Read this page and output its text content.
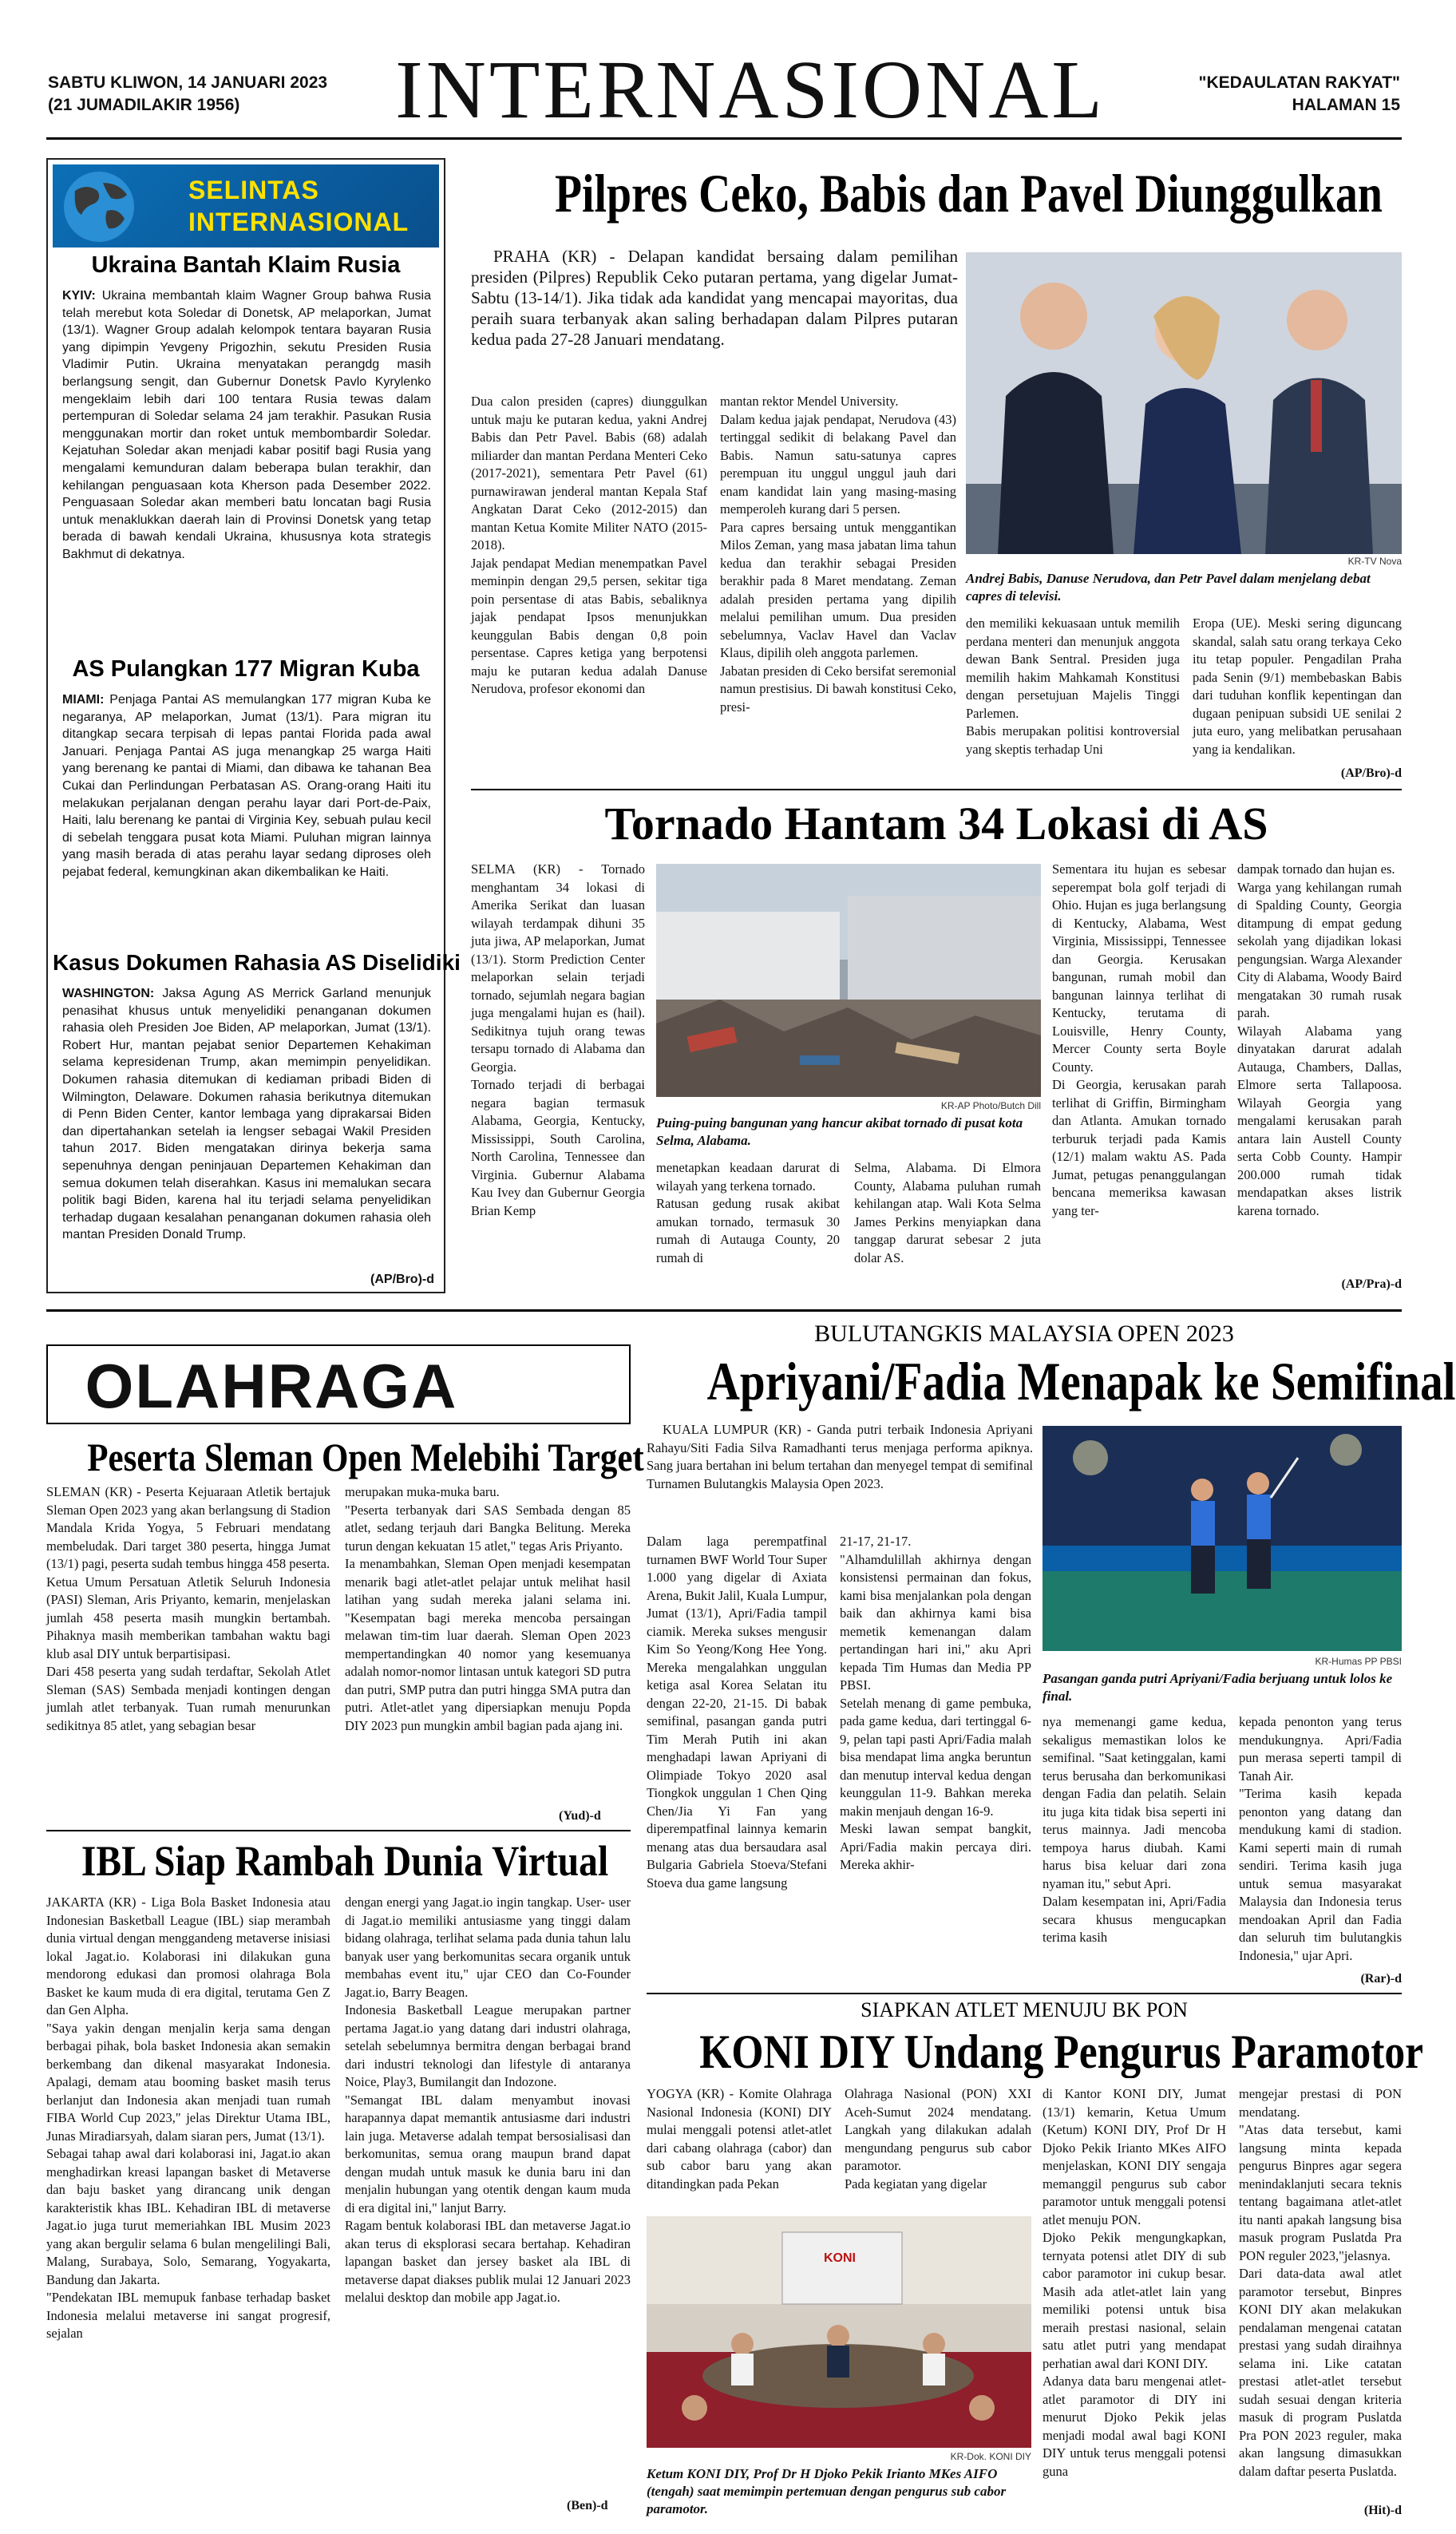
SABTU KLIWON, 14 JANUARI 2023
(21 JUMADILAKIR 1956) INTERNASIONAL	"KEDAULATAN RAKYAT"
HALAMAN 15
SELINTAS
INTERNASIONAL
Ukraina Bantah Klaim Rusia
KYIV: Ukraina membantah klaim Wagner Group bahwa Rusia telah merebut kota Soledar di Donetsk, AP melaporkan, Jumat (13/1). Wagner Group adalah kelompok tentara bayaran Rusia yang dipimpin Yevgeny Prigozhin, sekutu Presiden Rusia Vladimir Putin. Ukraina menyatakan perangdg masih berlangsung sengit, dan Gubernur Donetsk Pavlo Kyrylenko mengeklaim lebih dari 100 tentara Rusia tewas dalam pertempuran di Soledar selama 24 jam terakhir. Pasukan Rusia menggunakan mortir dan roket untuk membombardir Soledar. Kejatuhan Soledar akan menjadi kabar positif bagi Rusia yang mengalami kemunduran dalam beberapa bulan terakhir, dan kehilangan penguasaan kota Kherson pada Desember 2022. Penguasaan Soledar akan memberi batu loncatan bagi Rusia untuk menaklukkan daerah lain di Provinsi Donetsk yang tetap berada di bawah kendali Ukraina, khususnya kota strategis Bakhmut di dekatnya.
AS Pulangkan 177 Migran Kuba
MIAMI: Penjaga Pantai AS memulangkan 177 migran Kuba ke negaranya, AP melaporkan, Jumat (13/1). Para migran itu ditangkap secara terpisah di lepas pantai Florida pada awal Januari. Penjaga Pantai AS juga menangkap 25 warga Haiti yang berenang ke pantai di Miami, dan dibawa ke tahanan Bea Cukai dan Perlindungan Perbatasan AS. Orang-orang Haiti itu melakukan perjalanan dengan perahu layar dari Port-de-Paix, Haiti, lalu berenang ke pantai di Virginia Key, sebuah pulau kecil di sebelah tenggara pusat kota Miami. Puluhan migran lainnya yang masih berada di atas perahu layar sedang diproses oleh pejabat federal, kemungkinan akan dikembalikan ke Haiti.
Kasus Dokumen Rahasia AS Diselidiki
WASHINGTON: Jaksa Agung AS Merrick Garland menunjuk penasihat khusus untuk menyelidiki penanganan dokumen rahasia oleh Presiden Joe Biden, AP melaporkan, Jumat (13/1). Robert Hur, mantan pejabat senior Departemen Kehakiman selama kepresidenan Trump, akan memimpin penyelidikan. Dokumen rahasia ditemukan di kediaman pribadi Biden di Wilmington, Delaware. Dokumen rahasia berikutnya ditemukan di Penn Biden Center, kantor lembaga yang diprakarsai Biden dan dipertahankan setelah ia lengser sebagai Wakil Presiden tahun 2017. Biden mengatakan dirinya bekerja sama sepenuhnya dengan peninjauan Departemen Kehakiman dan semua dokumen telah diserahkan. Kasus ini memalukan secara politik bagi Biden, karena hal itu terjadi selama penyelidikan terhadap dugaan kesalahan penanganan dokumen rahasia oleh mantan Presiden Donald Trump.
(AP/Bro)-d
Pilpres Ceko, Babis dan Pavel Diunggulkan
PRAHA (KR) - Delapan kandidat bersaing dalam pemilihan presiden (Pilpres) Republik Ceko putaran pertama, yang digelar Jumat-Sabtu (13-14/1). Jika tidak ada kandidat yang mencapai mayoritas, dua peraih suara terbanyak akan saling berhadapan dalam Pilpres putaran kedua pada 27-28 Januari mendatang.
Dua calon presiden (capres) diunggulkan untuk maju ke putaran kedua, yakni Andrej Babis dan Petr Pavel. Babis (68) adalah miliarder dan mantan Perdana Menteri Ceko (2017-2021), sementara Petr Pavel (61) purnawirawan jenderal mantan Kepala Staf Angkatan Darat Ceko (2012-2015) dan mantan Ketua Komite Militer NATO (2015-2018).
Jajak pendapat Median menempatkan Pavel meminpin dengan 29,5 persen, sekitar tiga poin persentase di atas Babis, sebaliknya jajak pendapat Ipsos menunjukkan keunggulan Babis dengan 0,8 poin persentase. Capres ketiga yang berpotensi maju ke putaran kedua adalah Danuse Nerudova, profesor ekonomi dan
mantan rektor Mendel University.
Dalam kedua jajak pendapat, Nerudova (43) tertinggal sedikit di belakang Pavel dan Babis. Namun satu-satunya capres perempuan itu unggul unggul jauh dari enam kandidat lain yang masing-masing memperoleh kurang dari 5 persen.
Para capres bersaing untuk menggantikan Milos Zeman, yang masa jabatan lima tahun kedua dan terakhir sebagai Presiden berakhir pada 8 Maret mendatang. Zeman adalah presiden pertama yang dipilih melalui pemilihan umum. Dua presiden sebelumnya, Vaclav Havel dan Vaclav Klaus, dipilih oleh anggota parlemen.
Jabatan presiden di Ceko bersifat seremonial namun prestisius. Di bawah konstitusi Ceko, presi-
KR-TV Nova
Andrej Babis, Danuse Nerudova, dan Petr Pavel dalam menjelang debat capres di televisi.
den memiliki kekuasaan untuk memilih perdana menteri dan menunjuk anggota dewan Bank Sentral. Presiden juga memilih hakim Mahkamah Konstitusi dengan persetujuan Majelis Tinggi Parlemen.
Babis merupakan politisi kontroversial yang skeptis terhadap Uni
Eropa (UE). Meski sering diguncang skandal, salah satu orang terkaya Ceko itu tetap populer. Pengadilan Praha pada Senin (9/1) membebaskan Babis dari tuduhan konflik kepentingan dan dugaan penipuan subsidi UE senilai 2 juta euro, yang melibatkan perusahaan yang ia kendalikan.
(AP/Bro)-d
Tornado Hantam 34 Lokasi di AS
SELMA (KR) - Tornado menghantam 34 lokasi di Amerika Serikat dan luasan wilayah terdampak dihuni 35 juta jiwa, AP melaporkan, Jumat (13/1). Storm Prediction Center melaporkan selain terjadi tornado, sejumlah negara bagian juga mengalami hujan es (hail). Sedikitnya tujuh orang tewas tersapu tornado di Alabama dan Georgia.
Tornado terjadi di berbagai negara bagian termasuk Alabama, Georgia, Kentucky, Mississippi, South Carolina, North Carolina, Tennessee dan Virginia. Gubernur Alabama Kau Ivey dan Gubernur Georgia Brian Kemp
KR-AP Photo/Butch Dill
Puing-puing bangunan yang hancur akibat tornado di pusat kota Selma, Alabama.
menetapkan keadaan darurat di wilayah yang terkena tornado.
Ratusan gedung rusak akibat amukan tornado, termasuk 30 rumah di Autauga County, 20 rumah di
Selma, Alabama. Di Elmora County, Alabama puluhan rumah kehilangan atap. Wali Kota Selma James Perkins menyiapkan dana tanggap darurat sebesar 2 juta dolar AS.
Sementara itu hujan es sebesar seperempat bola golf terjadi di Ohio. Hujan es juga berlangsung di Kentucky, Alabama, West Virginia, Mississippi, Tennessee dan Georgia. Kerusakan bangunan, rumah mobil dan bangunan lainnya terlihat di Kentucky, terutama di Louisville, Henry County, Mercer County serta Boyle County.
Di Georgia, kerusakan parah terlihat di Griffin, Birmingham dan Atlanta. Amukan tornado terburuk terjadi pada Kamis (12/1) malam waktu AS. Pada Jumat, petugas penanggulangan bencana memeriksa kawasan yang ter-
dampak tornado dan hujan es.
Warga yang kehilangan rumah di Spalding County, Georgia ditampung di empat gedung sekolah yang dijadikan lokasi pengungsian. Warga Alexander City di Alabama, Woody Baird mengatakan 30 rumah rusak parah.
Wilayah Alabama yang dinyatakan darurat adalah Autauga, Chambers, Dallas, Elmore serta Tallapoosa. Wilayah Georgia yang mengalami kerusakan parah antara lain Austell County serta Cobb County. Hampir 200.000 rumah tidak mendapatkan akses listrik karena tornado.
(AP/Pra)-d
OLAHRAGA
Peserta Sleman Open Melebihi Target
SLEMAN (KR) - Peserta Kejuaraan Atletik bertajuk Sleman Open 2023 yang akan berlangsung di Stadion Mandala Krida Yogya, 5 Februari mendatang membeludak. Dari target 380 peserta, hingga Jumat (13/1) pagi, peserta sudah tembus hingga 458 peserta.
Ketua Umum Persatuan Atletik Seluruh Indonesia (PASI) Sleman, Aris Priyanto, kemarin, menjelaskan jumlah 458 peserta masih mungkin bertambah. Pihaknya masih memberikan tambahan waktu bagi klub asal DIY untuk berpartisipasi.
Dari 458 peserta yang sudah terdaftar, Sekolah Atlet Sleman (SAS) Sembada menjadi kontingen dengan jumlah atlet terbanyak. Tuan rumah menurunkan sedikitnya 85 atlet, yang sebagian besar
merupakan muka-muka baru.
"Peserta terbanyak dari SAS Sembada dengan 85 atlet, sedang terjauh dari Bangka Belitung. Mereka turun dengan kekuatan 15 atlet," tegas Aris Priyanto.
Ia menambahkan, Sleman Open menjadi kesempatan menarik bagi atlet-atlet pelajar untuk melihat hasil latihan yang sudah mereka jalani selama ini. "Kesempatan bagi mereka mencoba persaingan melawan tim-tim luar daerah. Sleman Open 2023 mempertandingkan 40 nomor yang kesemuanya adalah nomor-nomor lintasan untuk kategori SD putra dan putri, SMP putra dan putri hingga SMA putra dan putri. Atlet-atlet yang dipersiapkan menuju Popda DIY 2023 pun mungkin ambil bagian pada ajang ini.
(Yud)-d
IBL Siap Rambah Dunia Virtual
JAKARTA (KR) - Liga Bola Basket Indonesia atau Indonesian Basketball League (IBL) siap merambah dunia virtual dengan menggandeng metaverse inisiasi lokal Jagat.io. Kolaborasi ini dilakukan guna mendorong edukasi dan promosi olahraga Bola Basket ke kaum muda di era digital, terutama Gen Z dan Gen Alpha.
"Saya yakin dengan menjalin kerja sama dengan berbagai pihak, bola basket Indonesia akan semakin berkembang dan dikenal masyarakat Indonesia. Apalagi, demam atau booming basket masih terus berlanjut dan Indonesia akan menjadi tuan rumah FIBA World Cup 2023," jelas Direktur Utama IBL, Junas Miradiarsyah, dalam siaran pers, Jumat (13/1).
Sebagai tahap awal dari kolaborasi ini, Jagat.io akan menghadirkan kreasi lapangan basket di Metaverse dan baju basket yang dirancang unik dengan karakteristik khas IBL. Kehadiran IBL di metaverse Jagat.io juga turut memeriahkan IBL Musim 2023 yang akan bergulir selama 6 bulan mengelilingi Bali, Malang, Surabaya, Solo, Semarang, Yogyakarta, Bandung dan Jakarta.
"Pendekatan IBL memupuk fanbase terhadap basket Indonesia melalui metaverse ini sangat progresif, sejalan
dengan energi yang Jagat.io ingin tangkap. User- user di Jagat.io memiliki antusiasme yang tinggi dalam bidang olahraga, terlihat selama pada dunia tahun lalu banyak user yang berkomunitas secara organik untuk membahas event itu," ujar CEO dan Co-Founder Jagat.io, Barry Beagen.
Indonesia Basketball League merupakan partner pertama Jagat.io yang datang dari industri olahraga, setelah sebelumnya bermitra dengan berbagai brand dari industri teknologi dan lifestyle di antaranya Noice, Play3, Bumilangit dan Indozone.
"Semangat IBL dalam menyambut inovasi harapannya dapat memantik antusiasme dari industri lain juga. Metaverse adalah tempat bersosialisasi dan berkomunitas, semua orang maupun brand dapat dengan mudah untuk masuk ke dunia baru ini dan menjalin hubungan yang otentik dengan kaum muda di era digital ini," lanjut Barry.
Ragam bentuk kolaborasi IBL dan metaverse Jagat.io akan terus di eksplorasi secara bertahap. Kehadiran lapangan basket dan jersey basket ala IBL di metaverse dapat diakses publik mulai 12 Januari 2023 melalui desktop dan mobile app Jagat.io.
(Ben)-d
BULUTANGKIS MALAYSIA OPEN 2023
Apriyani/Fadia Menapak ke Semifinal
KUALA LUMPUR (KR) - Ganda putri terbaik Indonesia Apriyani Rahayu/Siti Fadia Silva Ramadhanti terus menjaga performa apiknya. Sang juara bertahan ini belum tertahan dan menyegel tempat di semifinal Turnamen Bulutangkis Malaysia Open 2023.
Dalam laga perempatfinal turnamen BWF World Tour Super 1.000 yang digelar di Axiata Arena, Bukit Jalil, Kuala Lumpur, Jumat (13/1), Apri/Fadia tampil ciamik. Mereka sukses mengusir Kim So Yeong/Kong Hee Yong. Mereka mengalahkan unggulan ketiga asal Korea Selatan itu dengan 22-20, 21-15. Di babak semifinal, pasangan ganda putri Tim Merah Putih ini akan menghadapi lawan Apriyani di Olimpiade Tokyo 2020 asal Tiongkok unggulan 1 Chen Qing Chen/Jia Yi Fan yang diperempatfinal lainnya kemarin menang atas dua bersaudara asal Bulgaria Gabriela Stoeva/Stefani Stoeva dua game langsung
21-17, 21-17.
"Alhamdulillah akhirnya dengan konsistensi permainan dan fokus, kami bisa menjalankan pola dengan baik dan akhirnya kami bisa memetik kemenangan dalam pertandingan hari ini," aku Apri kepada Tim Humas dan Media PP PBSI.
Setelah menang di game pembuka, pada game kedua, dari tertinggal 6-9, pelan tapi pasti Apri/Fadia malah bisa mendapat lima angka beruntun dan menutup interval kedua dengan keunggulan 11-9. Bahkan mereka makin menjauh dengan 16-9.
Meski lawan sempat bangkit, Apri/Fadia makin percaya diri. Mereka akhir-
KR-Humas PP PBSI
Pasangan ganda putri Apriyani/Fadia berjuang untuk lolos ke final.
nya memenangi game kedua, sekaligus memastikan lolos ke semifinal. "Saat ketinggalan, kami terus berusaha dan berkomunikasi dengan Fadia dan pelatih. Selain itu juga kita tidak bisa seperti ini terus mainnya. Jadi mencoba tempoya harus diubah. Kami harus bisa keluar dari zona nyaman itu," sebut Apri.
Dalam kesempatan ini, Apri/Fadia secara khusus mengucapkan terima kasih
kepada penonton yang terus mendukungnya. Apri/Fadia pun merasa seperti tampil di Tanah Air.
"Terima kasih kepada penonton yang datang dan mendukung kami di stadion. Kami seperti main di rumah sendiri. Terima kasih juga untuk semua masyarakat Malaysia dan Indonesia terus mendoakan April dan Fadia dan seluruh tim bulutangkis Indonesia," ujar Apri.
(Rar)-d
SIAPKAN ATLET MENUJU BK PON
KONI DIY Undang Pengurus Paramotor
YOGYA (KR) - Komite Olahraga Nasional Indonesia (KONI) DIY mulai menggali potensi atlet-atlet dari cabang olahraga (cabor) dan sub cabor baru yang akan ditandingkan pada Pekan
Olahraga Nasional (PON) XXI Aceh-Sumut 2024 mendatang. Langkah yang dilakukan adalah mengundang pengurus sub cabor paramotor.
Pada kegiatan yang digelar
KONI
KR-Dok. KONI DIY
Ketum KONI DIY, Prof Dr H Djoko Pekik Irianto MKes AIFO (tengah) saat memimpin pertemuan dengan pengurus sub cabor paramotor.
di Kantor KONI DIY, Jumat (13/1) kemarin, Ketua Umum (Ketum) KONI DIY, Prof Dr H Djoko Pekik Irianto MKes AIFO menjelaskan, KONI DIY sengaja memanggil pengurus sub cabor paramotor untuk menggali potensi atlet menuju PON.
Djoko Pekik mengungkapkan, ternyata potensi atlet DIY di sub cabor paramotor ini cukup besar. Masih ada atlet-atlet lain yang memiliki potensi untuk bisa meraih prestasi nasional, selain satu atlet putri yang mendapat perhatian awal dari KONI DIY.
Adanya data baru mengenai atlet-atlet paramotor di DIY ini menurut Djoko Pekik jelas menjadi modal awal bagi KONI DIY untuk terus menggali potensi guna
mengejar prestasi di PON mendatang.
"Atas data tersebut, kami langsung minta kepada pengurus Binpres agar segera menindaklanjuti secara teknis tentang bagaimana atlet-atlet itu nanti apakah langsung bisa masuk program Puslatda Pra PON reguler 2023,"jelasnya.
Dari data-data awal atlet paramotor tersebut, Binpres KONI DIY akan melakukan pendalaman mengenai catatan prestasi yang sudah diraihnya selama ini. Like catatan prestasi atlet-atlet tersebut sudah sesuai dengan kriteria masuk di program Puslatda Pra PON 2023 reguler, maka akan langsung dimasukkan dalam daftar peserta Puslatda.
(Hit)-d
